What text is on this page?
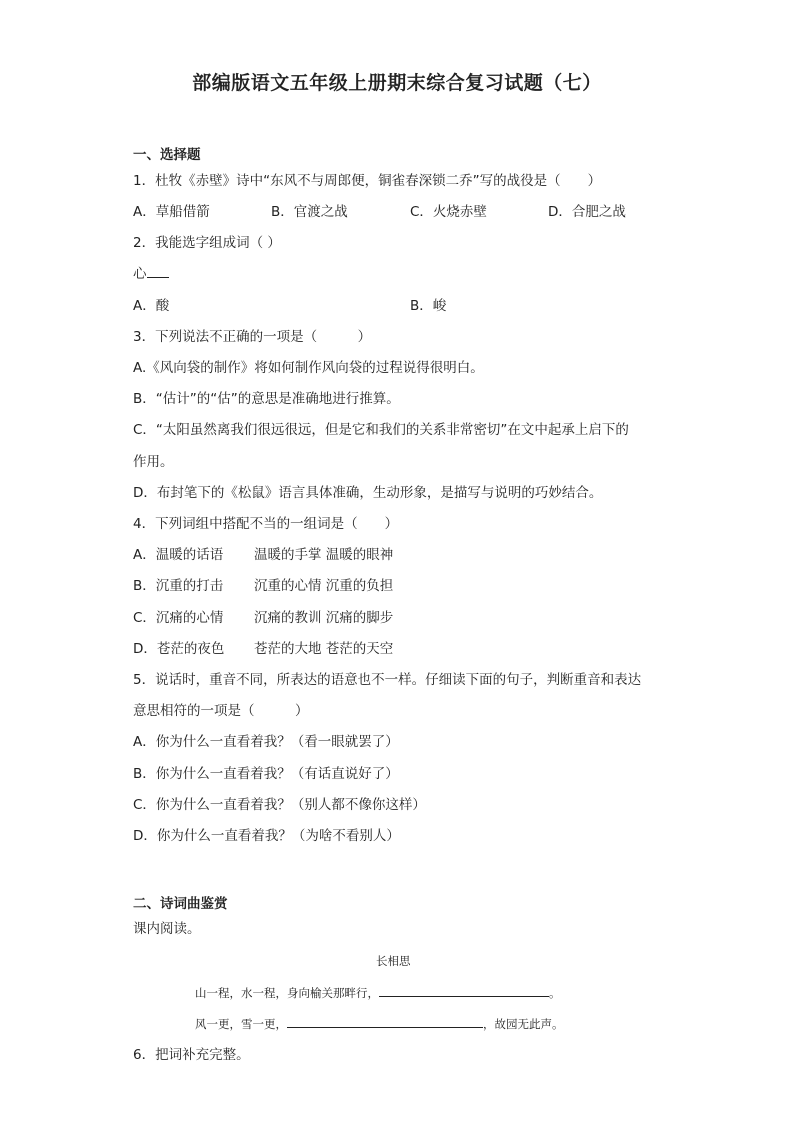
部编版语文五年级上册期末综合复习试题（七）
一、选择题
1．杜牧《赤壁》诗中“东风不与周郎便，铜雀春深锁二乔”写的战役是（　　）
A．草船借箭	B．官渡之战	C．火烧赤壁	D．合肥之战
2．我能选字组成词（ ）
心
A．酸	B．峻
3．下列说法不正确的一项是（　　　）
A.《风向袋的制作》将如何制作风向袋的过程说得很明白。
B．“估计”的“估”的意思是准确地进行推算。
C．“太阳虽然离我们很远很远，但是它和我们的关系非常密切”在文中起承上启下的
作用。
D．布封笔下的《松鼠》语言具体准确，生动形象，是描写与说明的巧妙结合。
4．下列词组中搭配不当的一组词是（　　）
A．温暖的话语 温暖的手掌 温暖的眼神
B．沉重的打击 沉重的心情 沉重的负担
C．沉痛的心情 沉痛的教训 沉痛的脚步
D．苍茫的夜色 苍茫的大地 苍茫的天空
5．说话时，重音不同，所表达的语意也不一样。仔细读下面的句子，判断重音和表达
意思相符的一项是（　　　）
A．你为什么一直看着我？（看一眼就罢了）
B．你为什么一直看着我？（有话直说好了）
C．你为什么一直看着我？（别人都不像你这样）
D．你为什么一直看着我？（为啥不看别人）
二、诗词曲鉴赏
课内阅读。
长相思
山一程，水一程，身向榆关那畔行，	。
风一更，雪一更，	，故园无此声。
6．把词补充完整。
